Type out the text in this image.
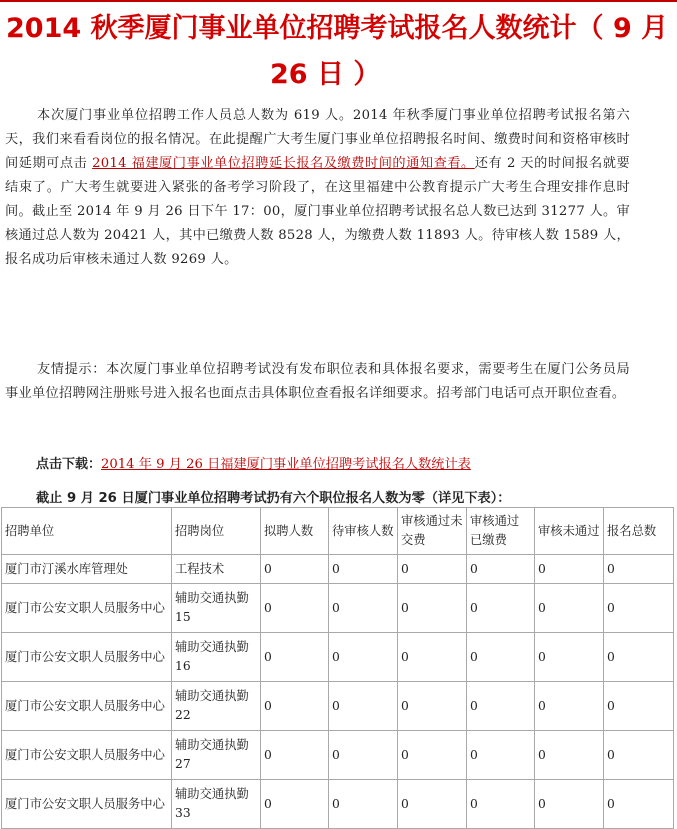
2014 秋季厦门事业单位招聘考试报名人数统计（ 9 月
26 日 ）

本次厦门事业单位招聘工作人员总人数为 619 人。2014 年秋季厦门事业单位招聘考试报名第六天，我们来看看岗位的报名情况。在此提醒广大考生厦门事业单位招聘报名时间、缴费时间和资格审核时间延期可点击 2014 福建厦门事业单位招聘延长报名及缴费时间的通知查看。还有 2 天的时间报名就要结束了。广大考生就要进入紧张的备考学习阶段了，在这里福建中公教育提示广大考生合理安排作息时间。截止至 2014 年 9 月 26 日下午 17：00，厦门事业单位招聘考试报名总人数已达到 31277 人。审核通过总人数为 20421 人，其中已缴费人数 8528 人，为缴费人数 11893 人。待审核人数 1589 人，报名成功后审核未通过人数 9269 人。

友情提示：本次厦门事业单位招聘考试没有发布职位表和具体报名要求，需要考生在厦门公务员局事业单位招聘网注册账号进入报名也面点击具体职位查看报名详细要求。招考部门电话可点开职位查看。

点击下载：2014 年 9 月 26 日福建厦门事业单位招聘考试报名人数统计表
截止 9 月 26 日厦门事业单位招聘考试扔有六个职位报名人数为零（详见下表）：
招聘单位	招聘岗位	拟聘人数	待审核人数	审核通过未交费	审核通过已缴费	审核未通过	报名总数
厦门市汀溪水库管理处	工程技术	0	0	0	0	0	0
厦门市公安文职人员服务中心	辅助交通执勤 15	0	0	0	0	0	0
厦门市公安文职人员服务中心	辅助交通执勤 16	0	0	0	0	0	0
厦门市公安文职人员服务中心	辅助交通执勤 22	0	0	0	0	0	0
厦门市公安文职人员服务中心	辅助交通执勤 27	0	0	0	0	0	0
厦门市公安文职人员服务中心	辅助交通执勤 33	0	0	0	0	0	0
